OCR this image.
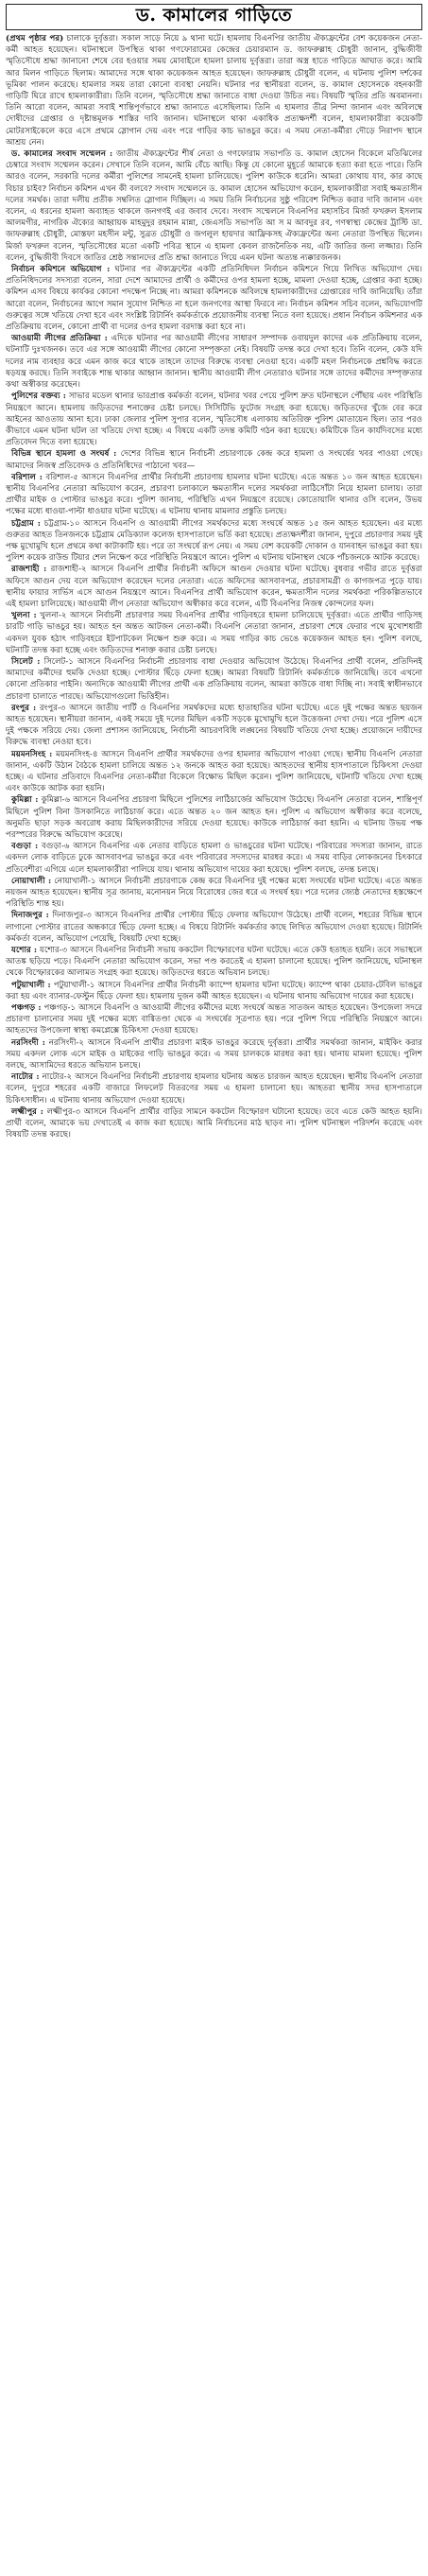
ড. কামালের গাড়িতে

(প্রথম পৃষ্ঠার পর) চালাকে দুর্বৃত্তরা। সকাল সাড়ে নিয়ে ৯ থানা ঘটে। হামলায় বিএনপির জাতীয় ঐক্যফ্রন্টের বেশ কয়েকজন নেতা-কর্মী আহত হয়েছেন। ঘটনাস্থলে উপস্থিত থাকা গণফোরামের কেন্দ্রের চেয়ারম্যান ড. জাফরুল্লাহ চৌধুরী জানান, বুদ্ধিজীবী স্মৃতিসৌধে শ্রদ্ধা জানানো শেষে বের হওয়ার সময় মোবাইলে হামলা চালায় দুর্বৃত্তরা। তারা অস্ত্র হাতে গাড়িতে আঘাত করে। আমি আর মিলন গাড়িতে ছিলাম। আমাদের সঙ্গে থাকা কয়েকজন আহত হয়েছেন। জাফরুল্লাহ চৌধুরী বলেন, এ ঘটনায় পুলিশ দর্শকের ভূমিকা পালন করেছে। হামলার সময় তারা কোনো ব্যবস্থা নেয়নি। ঘটনার পর স্থানীয়রা বলেন, ড. কামাল হোসেনকে বহনকারী গাড়িটি ঘিরে রাখে হামলাকারীরা। তিনি বলেন, স্মৃতিসৌধে শ্রদ্ধা জানাতে বাধা দেওয়া উচিত নয়। বিষয়টি স্মৃতির প্রতি অবমাননা। তিনি আরো বলেন, আমরা সবাই শান্তিপূর্ণভাবে শ্রদ্ধা জানাতে এসেছিলাম। তিনি এ হামলার তীব্র নিন্দা জানান এবং অবিলম্বে দোষীদের গ্রেপ্তার ও দৃষ্টান্তমূলক শাস্তির দাবি জানান। ঘটনাস্থলে থাকা একাধিক প্রত্যক্ষদর্শী বলেন, হামলাকারীরা কয়েকটি মোটরসাইকেলে করে এসে প্রথমে স্লোগান দেয় এবং পরে গাড়ির কাচ ভাঙচুর করে। এ সময় নেতা-কর্মীরা দৌড়ে নিরাপদ স্থানে আশ্রয় নেন।

ড. কামালের সংবাদ সম্মেলন : জাতীয় ঐক্যফ্রন্টের শীর্ষ নেতা ও গণফোরাম সভাপতি ড. কামাল হোসেন বিকেলে মতিঝিলের চেম্বারে সংবাদ সম্মেলন করেন। সেখানে তিনি বলেন, আমি বেঁচে আছি। কিন্তু যে কোনো মুহূর্তে আমাকে হত্যা করা হতে পারে। তিনি আরও বলেন, সরকারি দলের কর্মীরা পুলিশের সামনেই হামলা চালিয়েছে। পুলিশ কাউকে ধরেনি। আমরা কোথায় যাব, কার কাছে বিচার চাইব? নির্বাচন কমিশন এখন কী বলবে? সংবাদ সম্মেলনে ড. কামাল হোসেন অভিযোগ করেন, হামলাকারীরা সবাই ক্ষমতাসীন দলের সমর্থক। তারা দলীয় প্রতীক সম্বলিত স্লোগান দিচ্ছিল। এ সময় তিনি নির্বাচনের সুষ্ঠু পরিবেশ নিশ্চিত করার দাবি জানান এবং বলেন, এ ধরনের হামলা অব্যাহত থাকলে জনগণই এর জবাব দেবে। সংবাদ সম্মেলনে বিএনপির মহাসচিব মির্জা ফখরুল ইসলাম আলমগীর, নাগরিক ঐক্যের আহ্বায়ক মাহমুদুর রহমান মান্না, জেএসডি সভাপতি আ স ম আবদুর রব, গণস্বাস্থ্য কেন্দ্রের ট্রাস্টি ডা. জাফরুল্লাহ চৌধুরী, মোস্তফা মহসীন মন্টু, সুব্রত চৌধুরী ও জগলুল হায়দার আফ্রিকসহ ঐক্যফ্রন্টের অন্য নেতারা উপস্থিত ছিলেন। মির্জা ফখরুল বলেন, স্মৃতিসৌধের মতো একটি পবিত্র স্থানে এ হামলা কেবল রাজনৈতিক নয়, এটি জাতির জন্য লজ্জার। তিনি বলেন, বুদ্ধিজীবী দিবসে জাতির শ্রেষ্ঠ সন্তানদের প্রতি শ্রদ্ধা জানাতে গিয়ে এমন ঘটনা অত্যন্ত ন্যক্কারজনক।

নির্বাচন কমিশনে অভিযোগ : ঘটনার পর ঐক্যফ্রন্টের একটি প্রতিনিধিদল নির্বাচন কমিশনে গিয়ে লিখিত অভিযোগ দেয়। প্রতিনিধিদলের সদস্যরা বলেন, সারা দেশে আমাদের প্রার্থী ও কর্মীদের ওপর হামলা হচ্ছে, মামলা দেওয়া হচ্ছে, গ্রেপ্তার করা হচ্ছে। কমিশন এসব বিষয়ে কার্যকর কোনো পদক্ষেপ নিচ্ছে না। আমরা কমিশনকে অবিলম্বে হামলাকারীদের গ্রেপ্তারের দাবি জানিয়েছি। তাঁরা আরো বলেন, নির্বাচনের আগে সমান সুযোগ নিশ্চিত না হলে জনগণের আস্থা ফিরবে না। নির্বাচন কমিশন সচিব বলেন, অভিযোগটি গুরুত্বের সঙ্গে খতিয়ে দেখা হবে এবং সংশ্লিষ্ট রিটার্নিং কর্মকর্তাকে প্রয়োজনীয় ব্যবস্থা নিতে বলা হয়েছে। প্রধান নির্বাচন কমিশনার এক প্রতিক্রিয়ায় বলেন, কোনো প্রার্থী বা দলের ওপর হামলা বরদাস্ত করা হবে না।

আওয়ামী লীগের প্রতিক্রিয়া : এদিকে ঘটনার পর আওয়ামী লীগের সাধারণ সম্পাদক ওবায়দুল কাদের এক প্রতিক্রিয়ায় বলেন, ঘটনাটি দুঃখজনক। তবে এর সঙ্গে আওয়ামী লীগের কোনো সম্পৃক্ততা নেই। বিষয়টি তদন্ত করে দেখা হবে। তিনি বলেন, কেউ যদি দলের নাম ব্যবহার করে এমন কাজ করে থাকে তাহলে তাদের বিরুদ্ধে ব্যবস্থা নেওয়া হবে। একটি মহল নির্বাচনকে প্রশ্নবিদ্ধ করতে ষড়যন্ত্র করছে। তিনি সবাইকে শান্ত থাকার আহ্বান জানান। স্থানীয় আওয়ামী লীগ নেতারাও ঘটনার সঙ্গে তাদের কর্মীদের সম্পৃক্ততার কথা অস্বীকার করেছেন।

পুলিশের বক্তব্য : সাভার মডেল থানার ভারপ্রাপ্ত কর্মকর্তা বলেন, ঘটনার খবর পেয়ে পুলিশ দ্রুত ঘটনাস্থলে পৌঁছায় এবং পরিস্থিতি নিয়ন্ত্রণে আনে। হামলায় জড়িতদের শনাক্তের চেষ্টা চলছে। সিসিটিভি ফুটেজ সংগ্রহ করা হয়েছে। জড়িতদের খুঁজে বের করে আইনের আওতায় আনা হবে। ঢাকা জেলার পুলিশ সুপার বলেন, স্মৃতিসৌধ এলাকায় অতিরিক্ত পুলিশ মোতায়েন ছিল। তার পরও কীভাবে এমন ঘটনা ঘটল তা খতিয়ে দেখা হচ্ছে। এ বিষয়ে একটি তদন্ত কমিটি গঠন করা হয়েছে। কমিটিকে তিন কার্যদিবসের মধ্যে প্রতিবেদন দিতে বলা হয়েছে।

বিভিন্ন স্থানে হামলা ও সংঘর্ষ : দেশের বিভিন্ন স্থানে নির্বাচনী প্রচারণাকে কেন্দ্র করে হামলা ও সংঘর্ষের খবর পাওয়া গেছে। আমাদের নিজস্ব প্রতিবেদক ও প্রতিনিধিদের পাঠানো খবর—

বরিশাল : বরিশাল-৫ আসনে বিএনপির প্রার্থীর নির্বাচনী প্রচারণায় হামলার ঘটনা ঘটেছে। এতে অন্তত ১০ জন আহত হয়েছেন। স্থানীয় বিএনপির নেতারা অভিযোগ করেন, প্রচারণা চলাকালে ক্ষমতাসীন দলের সমর্থকরা লাঠিসোঁটা নিয়ে হামলা চালায়। তারা প্রার্থীর মাইক ও পোস্টার ভাঙচুর করে। পুলিশ জানায়, পরিস্থিতি এখন নিয়ন্ত্রণে রয়েছে। কোতোয়ালি থানার ওসি বলেন, উভয় পক্ষের মধ্যে ধাওয়া-পাল্টা ধাওয়ার ঘটনা ঘটেছে। এ ঘটনায় থানায় মামলার প্রস্তুতি চলছে।

চট্টগ্রাম : চট্টগ্রাম-১০ আসনে বিএনপি ও আওয়ামী লীগের সমর্থকদের মধ্যে সংঘর্ষে অন্তত ১৫ জন আহত হয়েছেন। এর মধ্যে গুরুতর আহত তিনজনকে চট্টগ্রাম মেডিক্যাল কলেজ হাসপাতালে ভর্তি করা হয়েছে। প্রত্যক্ষদর্শীরা জানান, দুপুরে প্রচারণার সময় দুই পক্ষ মুখোমুখি হলে প্রথমে কথা কাটাকাটি হয়। পরে তা সংঘর্ষে রূপ নেয়। এ সময় বেশ কয়েকটি দোকান ও যানবাহন ভাঙচুর করা হয়। পুলিশ কয়েক রাউন্ড টিয়ার শেল নিক্ষেপ করে পরিস্থিতি নিয়ন্ত্রণে আনে। পুলিশ এ ঘটনায় ঘটনাস্থল থেকে পাঁচজনকে আটক করেছে।

রাজশাহী : রাজশাহী-২ আসনে বিএনপি প্রার্থীর নির্বাচনী অফিসে আগুন দেওয়ার ঘটনা ঘটেছে। বুধবার গভীর রাতে দুর্বৃত্তরা অফিসে আগুন দেয় বলে অভিযোগ করেছেন দলের নেতারা। এতে অফিসের আসবাবপত্র, প্রচারসামগ্রী ও কাগজপত্র পুড়ে যায়। স্থানীয় ফায়ার সার্ভিস এসে আগুন নিয়ন্ত্রণে আনে। বিএনপির প্রার্থী অভিযোগ করেন, ক্ষমতাসীন দলের সমর্থকরা পরিকল্পিতভাবে এই হামলা চালিয়েছে। আওয়ামী লীগ নেতারা অভিযোগ অস্বীকার করে বলেন, এটি বিএনপির নিজস্ব কোন্দলের ফল।

খুলনা : খুলনা-২ আসনে নির্বাচনী প্রচারণার সময় বিএনপির প্রার্থীর গাড়িবহরে হামলা চালিয়েছে দুর্বৃত্তরা। এতে প্রার্থীর গাড়িসহ চারটি গাড়ি ভাঙচুর হয়। আহত হন অন্তত আটজন নেতা-কর্মী। বিএনপি নেতারা জানান, প্রচারণা শেষে ফেরার পথে মুখোশধারী একদল যুবক হঠাৎ গাড়িবহরে ইটপাটকেল নিক্ষেপ শুরু করে। এ সময় গাড়ির কাচ ভেঙে কয়েকজন আহত হন। পুলিশ বলছে, ঘটনাটি তদন্ত করা হচ্ছে এবং জড়িতদের শনাক্ত করার চেষ্টা চলছে।

সিলেট : সিলেট-১ আসনে বিএনপির নির্বাচনী প্রচারণায় বাধা দেওয়ার অভিযোগ উঠেছে। বিএনপির প্রার্থী বলেন, প্রতিদিনই আমাদের কর্মীদের হুমকি দেওয়া হচ্ছে। পোস্টার ছিঁড়ে ফেলা হচ্ছে। আমরা বিষয়টি রিটার্নিং কর্মকর্তাকে জানিয়েছি। তবে এখনো কোনো প্রতিকার পাইনি। অন্যদিকে আওয়ামী লীগের প্রার্থী এক প্রতিক্রিয়ায় বলেন, আমরা কাউকে বাধা দিচ্ছি না। সবাই স্বাধীনভাবে প্রচারণা চালাতে পারছে। অভিযোগগুলো ভিত্তিহীন।

রংপুর : রংপুর-৩ আসনে জাতীয় পার্টি ও বিএনপির সমর্থকদের মধ্যে হাতাহাতির ঘটনা ঘটেছে। এতে দুই পক্ষের অন্তত ছয়জন আহত হয়েছেন। স্থানীয়রা জানান, একই সময়ে দুই দলের মিছিল একটি সড়কে মুখোমুখি হলে উত্তেজনা দেখা দেয়। পরে পুলিশ এসে দুই পক্ষকে সরিয়ে দেয়। জেলা প্রশাসন জানিয়েছে, নির্বাচনী আচরণবিধি লঙ্ঘনের বিষয়টি খতিয়ে দেখা হচ্ছে। প্রয়োজনে দায়ীদের বিরুদ্ধে ব্যবস্থা নেওয়া হবে।

ময়মনসিংহ : ময়মনসিংহ-৪ আসনে বিএনপি প্রার্থীর সমর্থকদের ওপর হামলার অভিযোগ পাওয়া গেছে। স্থানীয় বিএনপি নেতারা জানান, একটি উঠান বৈঠকে হামলা চালিয়ে অন্তত ১২ জনকে আহত করা হয়েছে। আহতদের স্থানীয় হাসপাতালে চিকিৎসা দেওয়া হচ্ছে। এ ঘটনার প্রতিবাদে বিএনপির নেতা-কর্মীরা বিকেলে বিক্ষোভ মিছিল করেন। পুলিশ জানিয়েছে, ঘটনাটি খতিয়ে দেখা হচ্ছে এবং কাউকে আটক করা হয়নি।

কুমিল্লা : কুমিল্লা-৬ আসনে বিএনপির প্রচারণা মিছিলে পুলিশের লাঠিচার্জের অভিযোগ উঠেছে। বিএনপি নেতারা বলেন, শান্তিপূর্ণ মিছিলে পুলিশ বিনা উসকানিতে লাঠিচার্জ করে। এতে অন্তত ২০ জন আহত হন। পুলিশ এ অভিযোগ অস্বীকার করে বলেছে, অনুমতি ছাড়া সড়ক অবরোধ করায় মিছিলকারীদের সরিয়ে দেওয়া হয়েছে। কাউকে লাঠিচার্জ করা হয়নি। এ ঘটনায় উভয় পক্ষ পরস্পরের বিরুদ্ধে অভিযোগ করেছে।

বগুড়া : বগুড়া-৬ আসনে বিএনপির এক নেতার বাড়িতে হামলা ও ভাঙচুরের ঘটনা ঘটেছে। পরিবারের সদস্যরা জানান, রাতে একদল লোক বাড়িতে ঢুকে আসবাবপত্র ভাঙচুর করে এবং পরিবারের সদস্যদের মারধর করে। এ সময় বাড়ির লোকজনের চিৎকারে প্রতিবেশীরা এগিয়ে এলে হামলাকারীরা পালিয়ে যায়। থানায় অভিযোগ দায়ের করা হয়েছে। পুলিশ বলছে, তদন্ত চলছে।

নোয়াখালী : নোয়াখালী-১ আসনে নির্বাচনী প্রচারণাকে কেন্দ্র করে বিএনপির দুই পক্ষের মধ্যে সংঘর্ষের ঘটনা ঘটেছে। এতে অন্তত নয়জন আহত হয়েছেন। স্থানীয় সূত্র জানায়, মনোনয়ন নিয়ে বিরোধের জের ধরে এ সংঘর্ষ হয়। পরে দলের জ্যেষ্ঠ নেতাদের হস্তক্ষেপে পরিস্থিতি শান্ত হয়।

দিনাজপুর : দিনাজপুর-৩ আসনে বিএনপির প্রার্থীর পোস্টার ছিঁড়ে ফেলার অভিযোগ উঠেছে। প্রার্থী বলেন, শহরের বিভিন্ন স্থানে লাগানো পোস্টার রাতের অন্ধকারে ছিঁড়ে ফেলা হচ্ছে। এ বিষয়ে রিটার্নিং কর্মকর্তার কাছে লিখিত অভিযোগ দেওয়া হয়েছে। রিটার্নিং কর্মকর্তা বলেন, অভিযোগ পেয়েছি, বিষয়টি দেখা হচ্ছে।

যশোর : যশোর-৩ আসনে বিএনপির নির্বাচনী সভায় ককটেল বিস্ফোরণের ঘটনা ঘটেছে। এতে কেউ হতাহত হয়নি। তবে সভাস্থলে আতঙ্ক ছড়িয়ে পড়ে। বিএনপি নেতারা অভিযোগ করেন, সভা পণ্ড করতেই এ হামলা চালানো হয়েছে। পুলিশ জানিয়েছে, ঘটনাস্থল থেকে বিস্ফোরকের আলামত সংগ্রহ করা হয়েছে। জড়িতদের ধরতে অভিযান চলছে।

পটুয়াখালী : পটুয়াখালী-১ আসনে বিএনপির প্রার্থীর নির্বাচনী ক্যাম্পে হামলার ঘটনা ঘটেছে। ক্যাম্পে থাকা চেয়ার-টেবিল ভাঙচুর করা হয় এবং ব্যানার-ফেস্টুন ছিঁড়ে ফেলা হয়। হামলায় দুজন কর্মী আহত হয়েছেন। এ ঘটনায় থানায় অভিযোগ দায়ের করা হয়েছে।

পঞ্চগড় : পঞ্চগড়-১ আসনে বিএনপি ও আওয়ামী লীগের কর্মীদের মধ্যে সংঘর্ষে অন্তত সাতজন আহত হয়েছেন। উপজেলা সদরে প্রচারণা চালানোর সময় দুই পক্ষের মধ্যে বাগ্বিতণ্ডা থেকে এ সংঘর্ষের সূত্রপাত হয়। পরে পুলিশ গিয়ে পরিস্থিতি নিয়ন্ত্রণে আনে। আহতদের উপজেলা স্বাস্থ্য কমপ্লেক্সে চিকিৎসা দেওয়া হয়েছে।

নরসিংদী : নরসিংদী-২ আসনে বিএনপি প্রার্থীর প্রচারণা মাইক ভাঙচুর করেছে দুর্বৃত্তরা। প্রার্থীর সমর্থকরা জানান, মাইকিং করার সময় একদল লোক এসে মাইক ও মাইকের গাড়ি ভাঙচুর করে। এ সময় চালককে মারধর করা হয়। থানায় মামলা হয়েছে। পুলিশ বলছে, আসামিদের ধরতে অভিযান চলছে।

নাটোর : নাটোর-২ আসনে বিএনপির নির্বাচনী প্রচারণায় হামলার ঘটনায় অন্তত চারজন আহত হয়েছেন। স্থানীয় বিএনপি নেতারা বলেন, দুপুরে শহরের একটি বাজারে লিফলেট বিতরণের সময় এ হামলা চালানো হয়। আহতরা স্থানীয় সদর হাসপাতালে চিকিৎসাধীন। এ ঘটনায় থানায় অভিযোগ দেওয়া হয়েছে।

লক্ষ্মীপুর : লক্ষ্মীপুর-৩ আসনে বিএনপি প্রার্থীর বাড়ির সামনে ককটেল বিস্ফোরণ ঘটানো হয়েছে। তবে এতে কেউ আহত হয়নি। প্রার্থী বলেন, আমাকে ভয় দেখাতেই এ কাজ করা হয়েছে। আমি নির্বাচনের মাঠ ছাড়ব না। পুলিশ ঘটনাস্থল পরিদর্শন করেছে এবং বিষয়টি তদন্ত করছে।
